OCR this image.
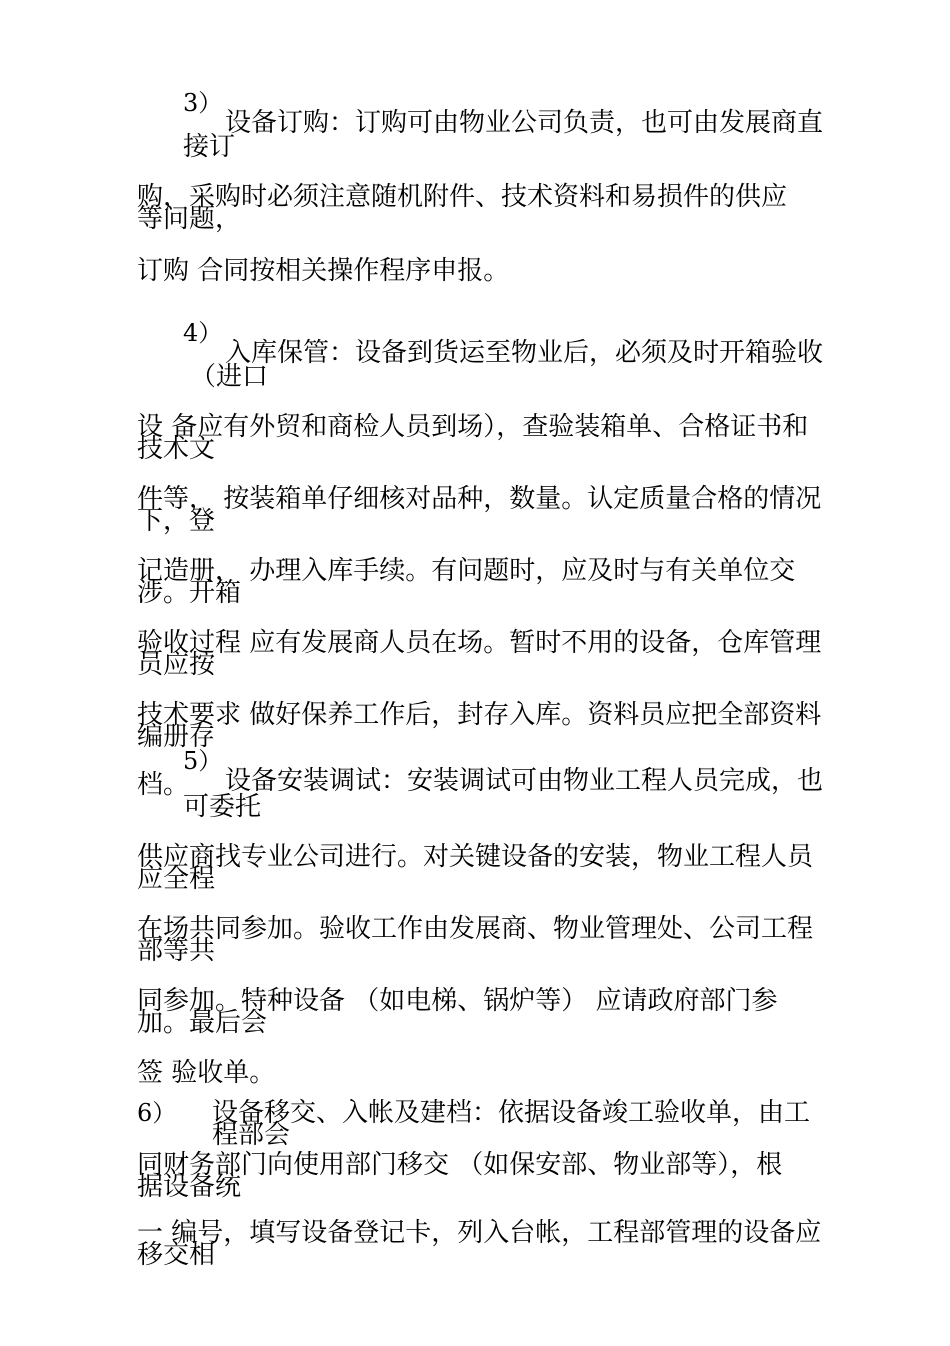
3）
设备订购：订购可由物业公司负责，也可由发展商直
接订
购，采购时必须注意随机附件、技术资料和易损件的供应
等问题，
订购 合同按相关操作程序申报。
4）
入库保管：设备到货运至物业后，必须及时开箱验收
（进口
设 备应有外贸和商检人员到场），查验装箱单、合格证书和
技术文
件等， 按装箱单仔细核对品种，数量。认定质量合格的情况
下，登
记造册， 办理入库手续。有问题时，应及时与有关单位交
涉。开箱
验收过程 应有发展商人员在场。暂时不用的设备，仓库管理
员应按
技术要求 做好保养工作后，封存入库。资料员应把全部资料
编册存
5）
档。 设备安装调试：安装调试可由物业工程人员完成，也
可委托
供应商找专业公司进行。对关键设备的安装，物业工程人员
应全程
在场共同参加。验收工作由发展商、物业管理处、公司工程
部等共
同参加。特种设备 （如电梯、锅炉等） 应请政府部门参
加。最后会
签 验收单。
6） 设备移交、入帐及建档：依据设备竣工验收单，由工
程部会
同财务部门向使用部门移交 （如保安部、物业部等），根
据设备统
一 编号，填写设备登记卡，列入台帐，工程部管理的设备应
移交相
